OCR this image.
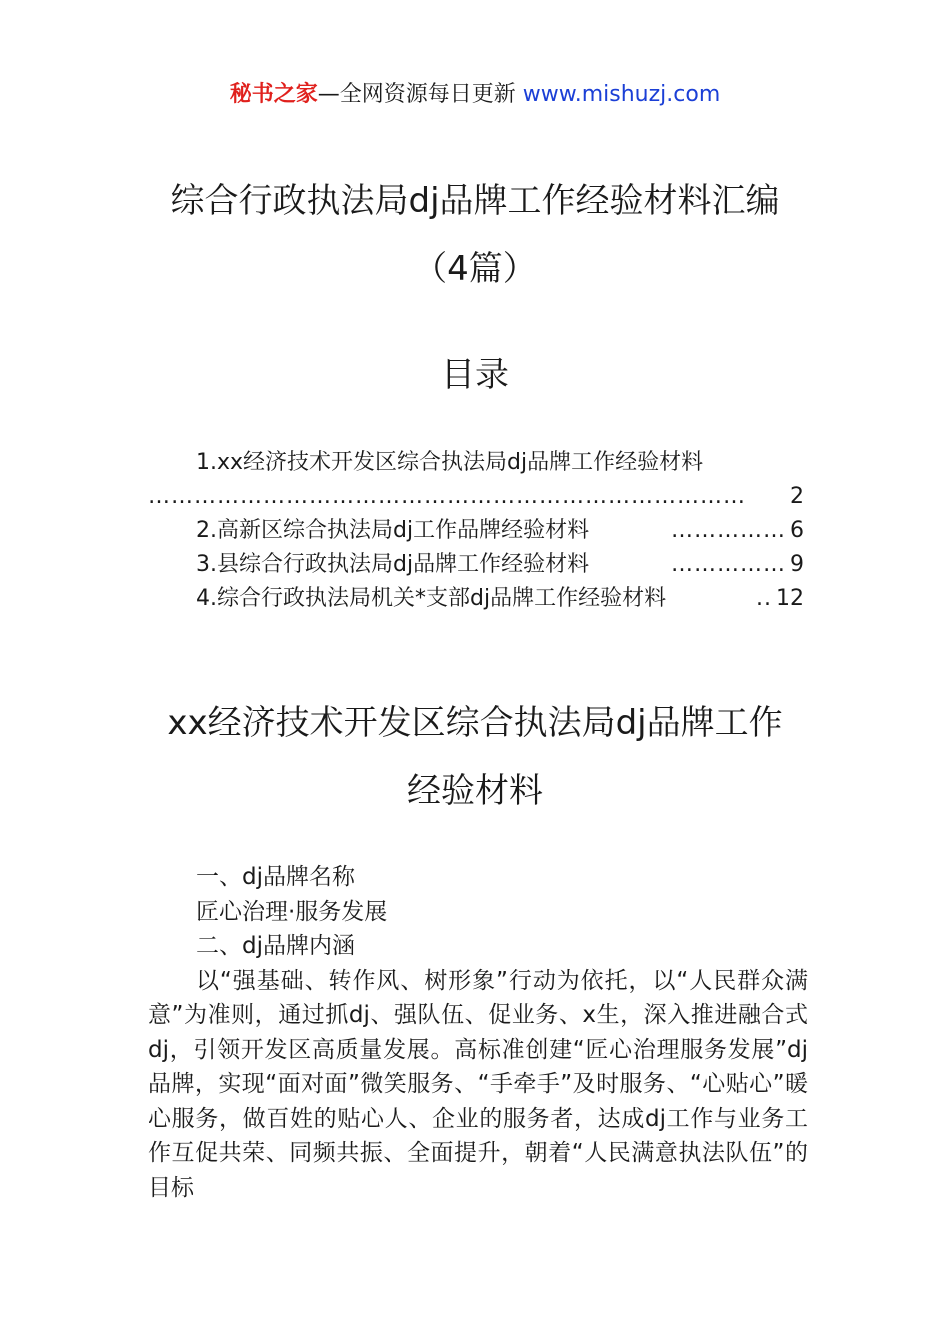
秘书之家—全网资源每日更新 www.mishuzj.com
综合行政执法局dj品牌工作经验材料汇编
（4篇）
目录
1.xx经济技术开发区综合执法局dj品牌工作经验材料
…………………………………………………………………… 2
2.高新区综合执法局dj工作品牌经验材料	…………… 6
3.县综合行政执法局dj品牌工作经验材料	…………… 9
4.综合行政执法局机关*支部dj品牌工作经验材料	.. 12
xx经济技术开发区综合执法局dj品牌工作
经验材料

一、dj品牌名称

匠心治理·服务发展

二、dj品牌内涵

以“强基础、转作风、树形象”行动为依托，以“人民群众满意”为准则，通过抓dj、强队伍、促业务、x生，深入推进融合式dj，引领开发区高质量发展。高标准创建“匠心治理服务发展”dj品牌，实现“面对面”微笑服务、“手牵手”及时服务、“心贴心”暖心服务，做百姓的贴心人、企业的服务者，达成dj工作与业务工作互促共荣、同频共振、全面提升，朝着“人民满意执法队伍”的目标
